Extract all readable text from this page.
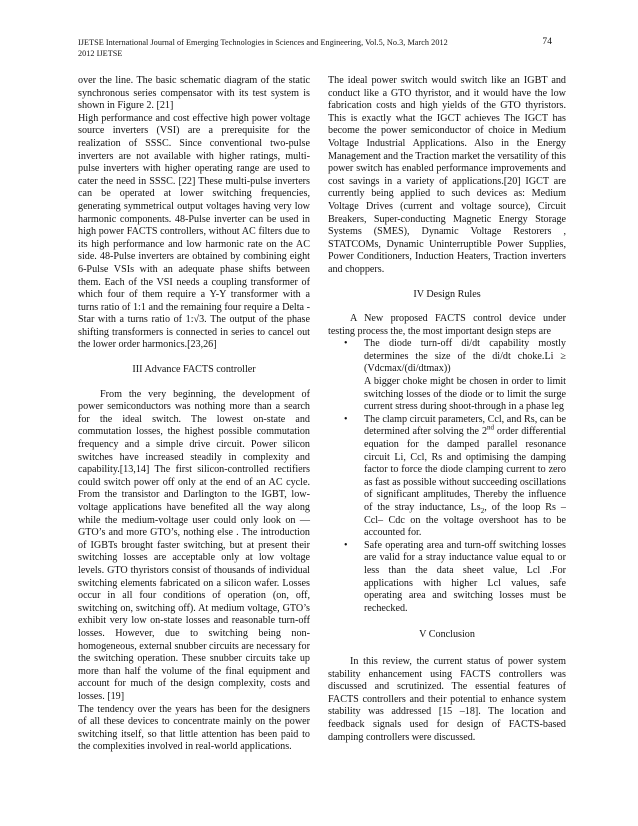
IJETSE International Journal of Emerging Technologies in Sciences and Engineering, Vol.5, No.3, March 2012
2012 IJETSE
74

over the line. The basic schematic diagram of the static synchronous series compensator with its test system is shown in Figure 2. [21]

High performance and cost effective high power voltage source inverters (VSI) are a prerequisite for the realization of SSSC. Since conventional two-pulse inverters are not available with higher ratings, multi-pulse inverters with higher operating range are used to cater the need in SSSC. [22] These multi-pulse inverters can be operated at lower switching frequencies, generating symmetrical output voltages having very low harmonic components. 48-Pulse inverter can be used in high power FACTS controllers, without AC filters due to its high performance and low harmonic rate on the AC side. 48-Pulse inverters are obtained by combining eight 6-Pulse VSIs with an adequate phase shifts between them. Each of the VSI needs a coupling transformer of which four of them require a Y-Y transformer with a turns ratio of 1:1 and the remaining four require a Delta - Star with a turns ratio of 1:√3. The output of the phase shifting transformers is connected in series to cancel out the lower order harmonics.[23,26]

III Advance FACTS controller

From the very beginning, the development of power semiconductors was nothing more than a search for the ideal switch. The lowest on-state and commutation losses, the highest possible commutation frequency and a simple drive circuit. Power silicon switches have increased steadily in complexity and capability.[13,14] The first silicon-controlled rectifiers could switch power off only at the end of an AC cycle. From the transistor and Darlington to the IGBT, low-voltage applications have benefited all the way along while the medium-voltage user could only look on — GTO’s and more GTO’s, nothing else . The introduction of IGBTs brought faster switching, but at present their switching losses are acceptable only at low voltage levels. GTO thyristors consist of thousands of individual switching elements fabricated on a silicon wafer. Losses occur in all four conditions of operation (on, off, switching on, switching off). At medium voltage, GTO’s exhibit very low on-state losses and reasonable turn-off losses. However, due to switching being non-homogeneous, external snubber circuits are necessary for the switching operation. These snubber circuits take up more than half the volume of the final equipment and account for much of the design complexity, costs and losses. [19]

The tendency over the years has been for the designers of all these devices to concentrate mainly on the power switching itself, so that little attention has been paid to the complexities involved in real-world applications.

The ideal power switch would switch like an IGBT and conduct like a GTO thyristor, and it would have the low fabrication costs and high yields of the GTO thyristors. This is exactly what the IGCT achieves The IGCT has become the power semiconductor of choice in Medium Voltage Industrial Applications. Also in the Energy Management and the Traction market the versatility of this power switch has enabled performance improvements and cost savings in a variety of applications.[20] IGCT are currently being applied to such devices as: Medium Voltage Drives (current and voltage source), Circuit Breakers, Super-conducting Magnetic Energy Storage Systems (SMES), Dynamic Voltage Restorers , STATCOMs, Dynamic Uninterruptible Power Supplies, Power Conditioners, Induction Heaters, Traction inverters and choppers.

IV Design Rules

A New proposed FACTS control device under testing process the, the most important design steps are

• The diode turn-off di/dt capability mostly determines the size of the di/dt choke.Li ≥ (Vdcmax/(di/dtmax))
A bigger choke might be chosen in order to limit switching losses of the diode or to limit the surge current stress during shoot-through in a phase leg
• The clamp circuit parameters, Ccl, and Rs, can be determined after solving the 2nd order differential equation for the damped parallel resonance circuit Li, Ccl, Rs and optimising the damping factor to force the diode clamping current to zero as fast as possible without succeeding oscillations of significant amplitudes, Thereby the influence of the stray inductance, $Ls_2$, of the loop Rs – Ccl– Cdc on the voltage overshoot has to be accounted for.
• Safe operating area and turn-off switching losses are valid for a stray inductance value equal to or less than the data sheet value, Lcl .For applications with higher Lcl values, safe operating area and switching losses must be rechecked.

V Conclusion

In this review, the current status of power system stability enhancement using FACTS controllers was discussed and scrutinized. The essential features of FACTS controllers and their potential to enhance system stability was addressed [15 –18]. The location and feedback signals used for design of FACTS-based damping controllers were discussed.
